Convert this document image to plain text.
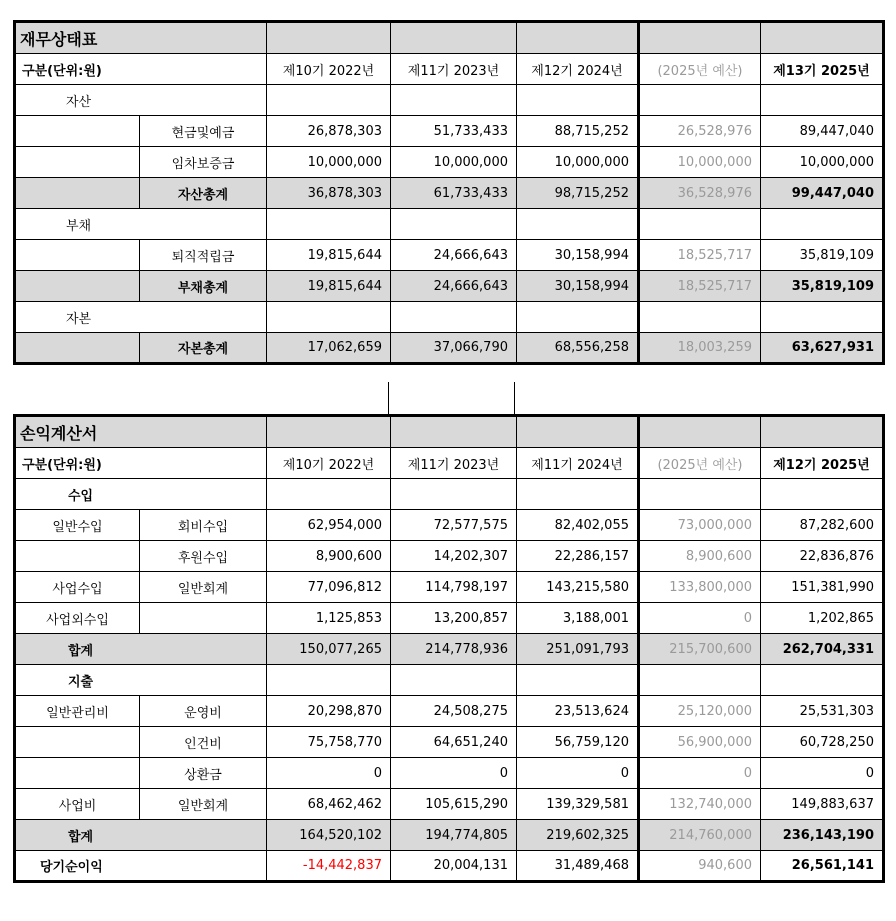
재무상태표						
구분(단위:원)		제10기 2022년	제11기 2023년	제12기 2024년	(2025년 예산)	제13기 2025년
자산						
	현금및예금	26,878,303	51,733,433	88,715,252	26,528,976	89,447,040
	임차보증금	10,000,000	10,000,000	10,000,000	10,000,000	10,000,000
	자산총계	36,878,303	61,733,433	98,715,252	36,528,976	99,447,040
부채						
	퇴직적립금	19,815,644	24,666,643	30,158,994	18,525,717	35,819,109
	부채총계	19,815,644	24,666,643	30,158,994	18,525,717	35,819,109
자본						
	자본총계	17,062,659	37,066,790	68,556,258	18,003,259	63,627,931
손익계산서						
구분(단위:원)		제10기 2022년	제11기 2023년	제11기 2024년	(2025년 예산)	제12기 2025년
수입						
일반수입	회비수입	62,954,000	72,577,575	82,402,055	73,000,000	87,282,600
	후원수입	8,900,600	14,202,307	22,286,157	8,900,600	22,836,876
사업수입	일반회계	77,096,812	114,798,197	143,215,580	133,800,000	151,381,990
사업외수입		1,125,853	13,200,857	3,188,001	0	1,202,865
합계		150,077,265	214,778,936	251,091,793	215,700,600	262,704,331
지출						
일반관리비	운영비	20,298,870	24,508,275	23,513,624	25,120,000	25,531,303
	인건비	75,758,770	64,651,240	56,759,120	56,900,000	60,728,250
	상환금	0	0	0	0	0
사업비	일반회계	68,462,462	105,615,290	139,329,581	132,740,000	149,883,637
합계		164,520,102	194,774,805	219,602,325	214,760,000	236,143,190
당기순이익		-14,442,837	20,004,131	31,489,468	940,600	26,561,141
